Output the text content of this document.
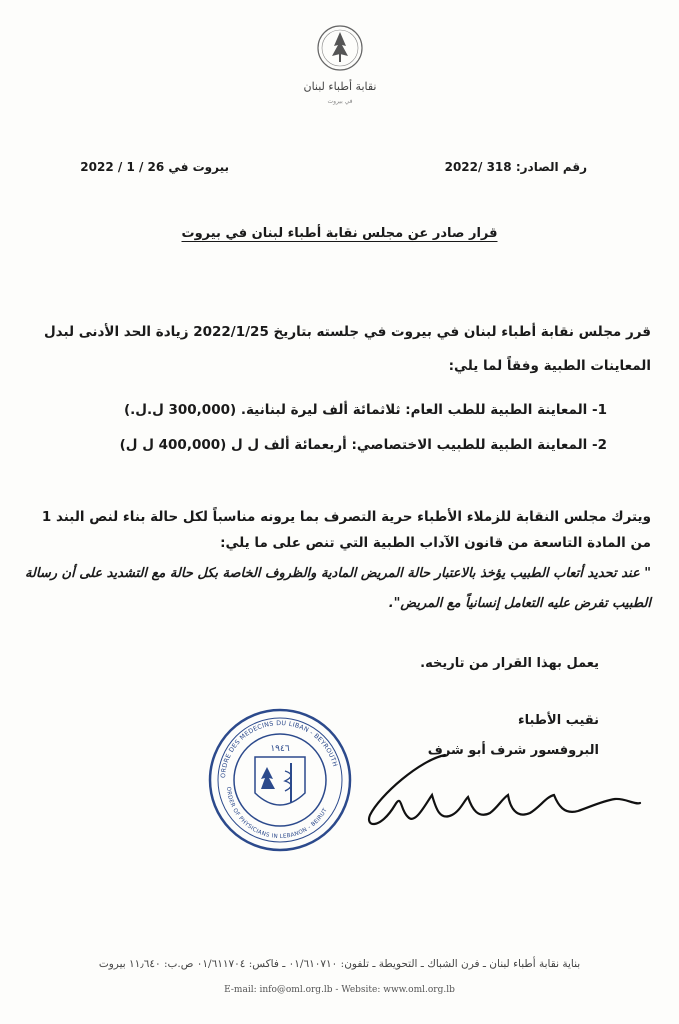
نقابة أطباء لبنان
في بيروت
رقم الصادر: 318 /2022
بيروت في 26 / 1 / 2022
قرار صادر عن مجلس نقابة أطباء لبنان في بيروت
قرر مجلس نقابة أطباء لبنان في بيروت في جلسته بتاريخ 2022/1/25 زيادة الحد الأدنى لبدل المعاينات الطبية وفقاً لما يلي:
1- المعاينة الطبية للطب العام: ثلاثمائة ألف ليرة لبنانية. (300,000 ل.ل.)
2- المعاينة الطبية للطبيب الاختصاصي: أربعمائة ألف ل ل (400,000 ل ل)
ويترك مجلس النقابة للزملاء الأطباء حرية التصرف بما يرونه مناسباً لكل حالة بناء لنص البند 1 من المادة التاسعة من قانون الآداب الطبية التي تنص على ما يلي:
" عند تحديد أتعاب الطبيب يؤخذ بالاعتبار حالة المريض المادية والظروف الخاصة بكل حالة مع التشديد على أن رسالة الطبيب تفرض عليه التعامل إنسانياً مع المريض".
يعمل بهذا القرار من تاريخه.
نقيب الأطباء
البروفسور شرف أبو شرف
ORDRE DES MEDECINS DU LIBAN - BEYROUTH
ORDER OF PHYSICIANS IN LEBANON - BEIRUT
١٩٤٦
بناية نقابة أطباء لبنان ـ فرن الشباك ـ التحويطة ـ تلفون: ٠١/٦١٠٧١٠ ـ فاكس: ٠١/٦١١٧٠٤ ص.ب: ١١٫٦٤٠ بيروت
E-mail: info@oml.org.lb - Website: www.oml.org.lb
